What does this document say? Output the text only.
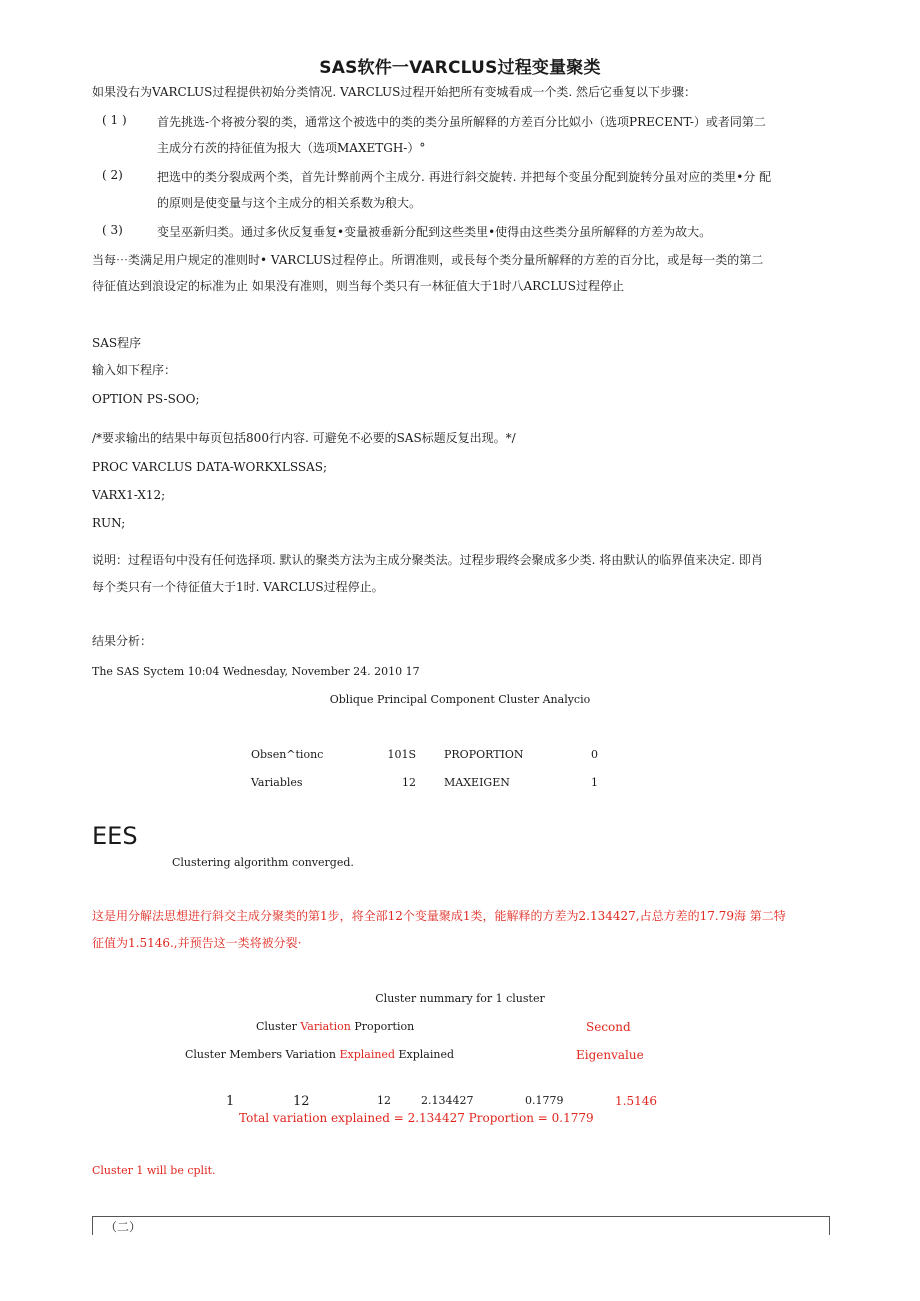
SAS软件一VARCLUS过程变量聚类
如果没右为VARCLUS过程提供初始分类情况. VARCLUS过程开始把所有变城看成一个类. 然后它垂复以下步骤：
( 1 )	首先挑选-个将被分裂的类，通常这个被选中的类的类分虽所解释的方差百分比姒小（选项PRECENT-）或者同第二
主成分冇茨的持征值为报大（选项MAXETGH-）°
( 2)	把选中的类分裂成两个类，首先计弊前两个主成分. 再进行斜交旋转. 并把每个变虽分配到旋转分虽对应的类里•分 配
的原则是使变量与这个主成分的相关系数为稂大。
( 3)	变呈巫新归类。通过多伙反复垂复•变量被垂新分配到这些类里•使得由这些类分虽所解释的方差为故大。
当每⋯类满足用户规定的准则时• VARCLUS过程停止。所谓准则，或長每个类分量所解释的方差的百分比，或是每一类的第二
待征值达到浪设定的标准为止 如果没有准则，则当每个类只有一林征值大于1时八ARCLUS过程停止
SAS程序
输入如下程序：
OPTION PS-SOO;
/*要求输出的结果中毎页包括800行内容. 可避免不必要的SAS标题反复出现。*/
PROC VARCLUS DATA-WORKXLSSAS;
VARX1-X12;
RUN;
说明：过程语句中没有任何选择项. 默认的聚类方法为主成分聚类法。过程步瑕终会聚成多少类. 将由默认的临界值来决定. 即肖
每个类只有一个待征值大于1时. VARCLUS过程停止。
结果分析：
The SAS Syctem 10:04 Wednesday, November 24. 2010 17
Oblique Principal Component Cluster Analycio
Obsen^tionc	101S	PROPORTION	0
Variables	12	MAXEIGEN	1
EES
Clustering algorithm converged.
这是用分解法思想进行斜交主成分聚类的第1步，将全部12个变量聚成1类，能解释的方差为2.134427,占总方差的17.79海 第二特
征值为1.5146.,并预告这一类将被分裂·
Cluster nummary for 1 cluster
Cluster Variation Proportion	Second
Cluster Members Variation Explained Explained	Eigenvalue
1	12	12	2.134427	0.1779	1.5146
Total variation explained = 2.134427 Proportion = 0.1779
Cluster 1 will be cplit.
（二）
